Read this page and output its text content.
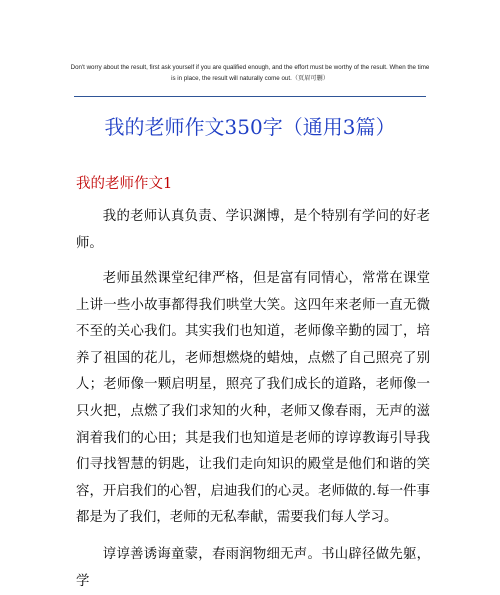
Don't worry about the result, first ask yourself if you are qualified enough, and the effort must be worthy of the result. When the time is in place, the result will naturally come out.（页眉可删）
我的老师作文350字（通用3篇）
我的老师作文1

我的老师认真负责、学识渊博，是个特别有学问的好老师。

老师虽然课堂纪律严格，但是富有同情心，常常在课堂上讲一些小故事都得我们哄堂大笑。这四年来老师一直无微不至的关心我们。其实我们也知道，老师像辛勤的园丁，培养了祖国的花儿，老师想燃烧的蜡烛，点燃了自己照亮了别人；老师像一颗启明星，照亮了我们成长的道路，老师像一只火把，点燃了我们求知的火种，老师又像春雨，无声的滋润着我们的心田；其是我们也知道是老师的谆谆教诲引导我们寻找智慧的钥匙，让我们走向知识的殿堂是他们和谐的笑容，开启我们的心智，启迪我们的心灵。老师做的.每一件事都是为了我们，老师的无私奉献，需要我们每人学习。

谆谆善诱诲童蒙，春雨润物细无声。书山辟径做先躯，学
